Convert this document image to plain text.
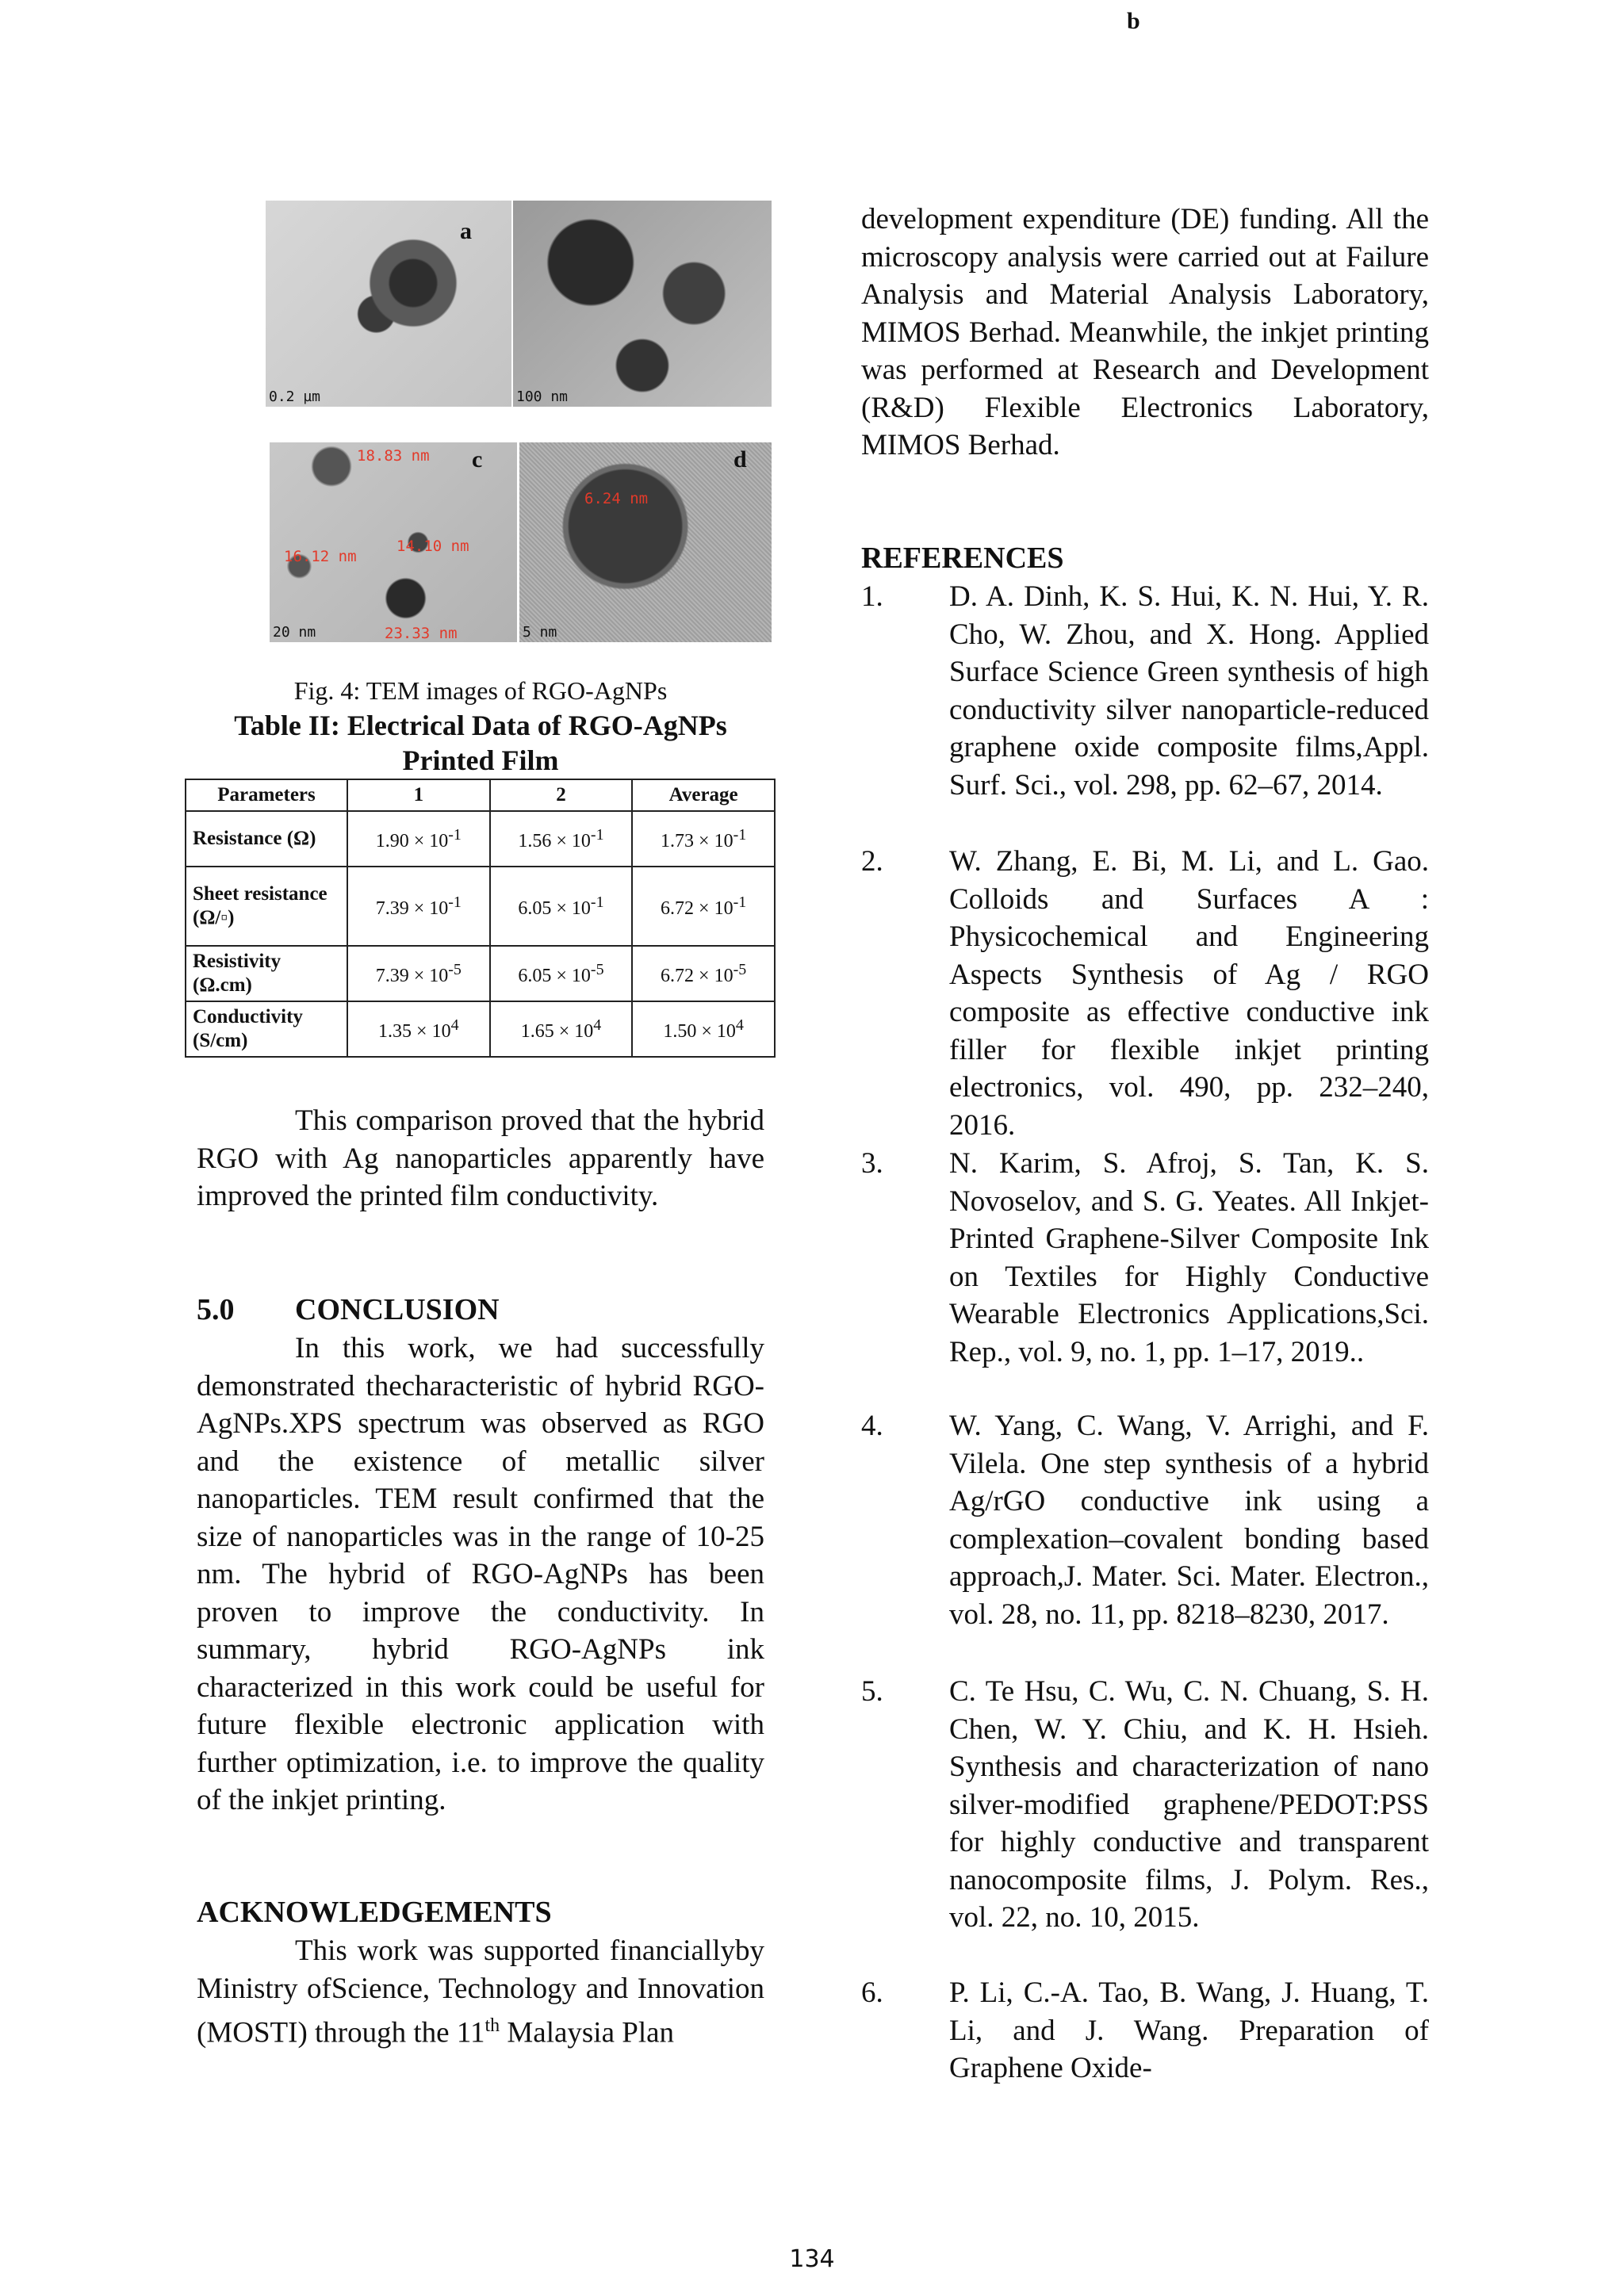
a
0.2 µm	100 nm
b
c
18.83 nm
14.10 nm
16.12 nm
23.33 nm
20 nm
d
6.24 nm
5 nm
Fig. 4: TEM images of RGO-AgNPs
Table II: Electrical Data of RGO-AgNPs Printed Film
Parameters	1	2	Average
Resistance (Ω)	$1.90 \times 10^{-1}$	$1.56 \times 10^{-1}$	$1.73 \times 10^{-1}$
Sheet resistance (Ω/▫)	$7.39 \times 10^{-1}$	$6.05 \times 10^{-1}$	$6.72 \times 10^{-1}$
Resistivity (Ω.cm)	$7.39 \times 10^{-5}$	$6.05 \times 10^{-5}$	$6.72 \times 10^{-5}$
Conductivity (S/cm)	$1.35 \times 10^4$	$1.65 \times 10^4$	$1.50 \times 10^4$

This comparison proved that the hybrid RGO with Ag nanoparticles apparently have improved the printed film conductivity.

5.0 CONCLUSION

In this work, we had successfully demonstrated thecharacteristic of hybrid RGO-AgNPs.XPS spectrum was observed as RGO and the existence of metallic silver nanoparticles. TEM result confirmed that the size of nanoparticles was in the range of 10-25 nm. The hybrid of RGO-AgNPs has been proven to improve the conductivity. In summary, hybrid RGO-AgNPs ink characterized in this work could be useful for future flexible electronic application with further optimization, i.e. to improve the quality of the inkjet printing.

ACKNOWLEDGEMENTS

This work was supported financiallyby Ministry ofScience, Technology and Innovation (MOSTI) through the 11th Malaysia Plan

development expenditure (DE) funding. All the microscopy analysis were carried out at Failure Analysis and Material Analysis Laboratory, MIMOS Berhad. Meanwhile, the inkjet printing was performed at Research and Development (R&D) Flexible Electronics Laboratory, MIMOS Berhad.

REFERENCES
1. D. A. Dinh, K. S. Hui, K. N. Hui, Y. R. Cho, W. Zhou, and X. Hong. Applied Surface Science Green synthesis of high conductivity silver nanoparticle-reduced graphene oxide composite films,Appl. Surf. Sci., vol. 298, pp. 62–67, 2014.
2. W. Zhang, E. Bi, M. Li, and L. Gao. Colloids and Surfaces A : Physicochemical and Engineering Aspects Synthesis of Ag / RGO composite as effective conductive ink filler for flexible inkjet printing electronics, vol. 490, pp. 232–240, 2016.
3. N. Karim, S. Afroj, S. Tan, K. S. Novoselov, and S. G. Yeates. All Inkjet-Printed Graphene-Silver Composite Ink on Textiles for Highly Conductive Wearable Electronics Applications,Sci. Rep., vol. 9, no. 1, pp. 1–17, 2019..
4. W. Yang, C. Wang, V. Arrighi, and F. Vilela. One step synthesis of a hybrid Ag/rGO conductive ink using a complexation–covalent bonding based approach,J. Mater. Sci. Mater. Electron., vol. 28, no. 11, pp. 8218–8230, 2017.
5. C. Te Hsu, C. Wu, C. N. Chuang, S. H. Chen, W. Y. Chiu, and K. H. Hsieh. Synthesis and characterization of nano silver-modified graphene/PEDOT:PSS for highly conductive and transparent nanocomposite films, J. Polym. Res., vol. 22, no. 10, 2015.
6. P. Li, C.-A. Tao, B. Wang, J. Huang, T. Li, and J. Wang. Preparation of Graphene Oxide-
134
